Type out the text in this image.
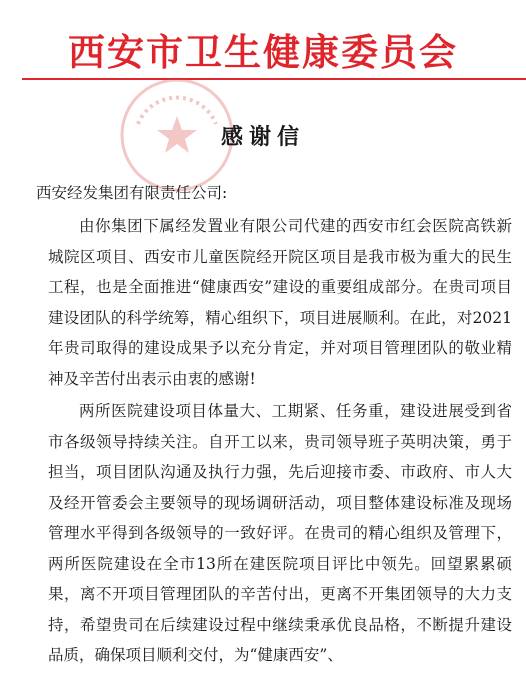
西安市卫生健康委员会
感谢信
西安经发集团有限责任公司:

由你集团下属经发置业有限公司代建的西安市红会医院高铁新城院区项目、西安市儿童医院经开院区项目是我市极为重大的民生工程，也是全面推进“健康西安”建设的重要组成部分。在贵司项目建设团队的科学统筹，精心组织下，项目进展顺利。在此，对2021年贵司取得的建设成果予以充分肯定，并对项目管理团队的敬业精神及辛苦付出表示由衷的感谢!

两所医院建设项目体量大、工期紧、任务重，建设进展受到省市各级领导持续关注。自开工以来，贵司领导班子英明决策，勇于担当，项目团队沟通及执行力强，先后迎接市委、市政府、市人大及经开管委会主要领导的现场调研活动，项目整体建设标准及现场管理水平得到各级领导的一致好评。在贵司的精心组织及管理下，两所医院建设在全市13所在建医院项目评比中领先。回望累累硕果，离不开项目管理团队的辛苦付出，更离不开集团领导的大力支持，希望贵司在后续建设过程中继续秉承优良品格，不断提升建设品质，确保项目顺利交付，为“健康西安”、
